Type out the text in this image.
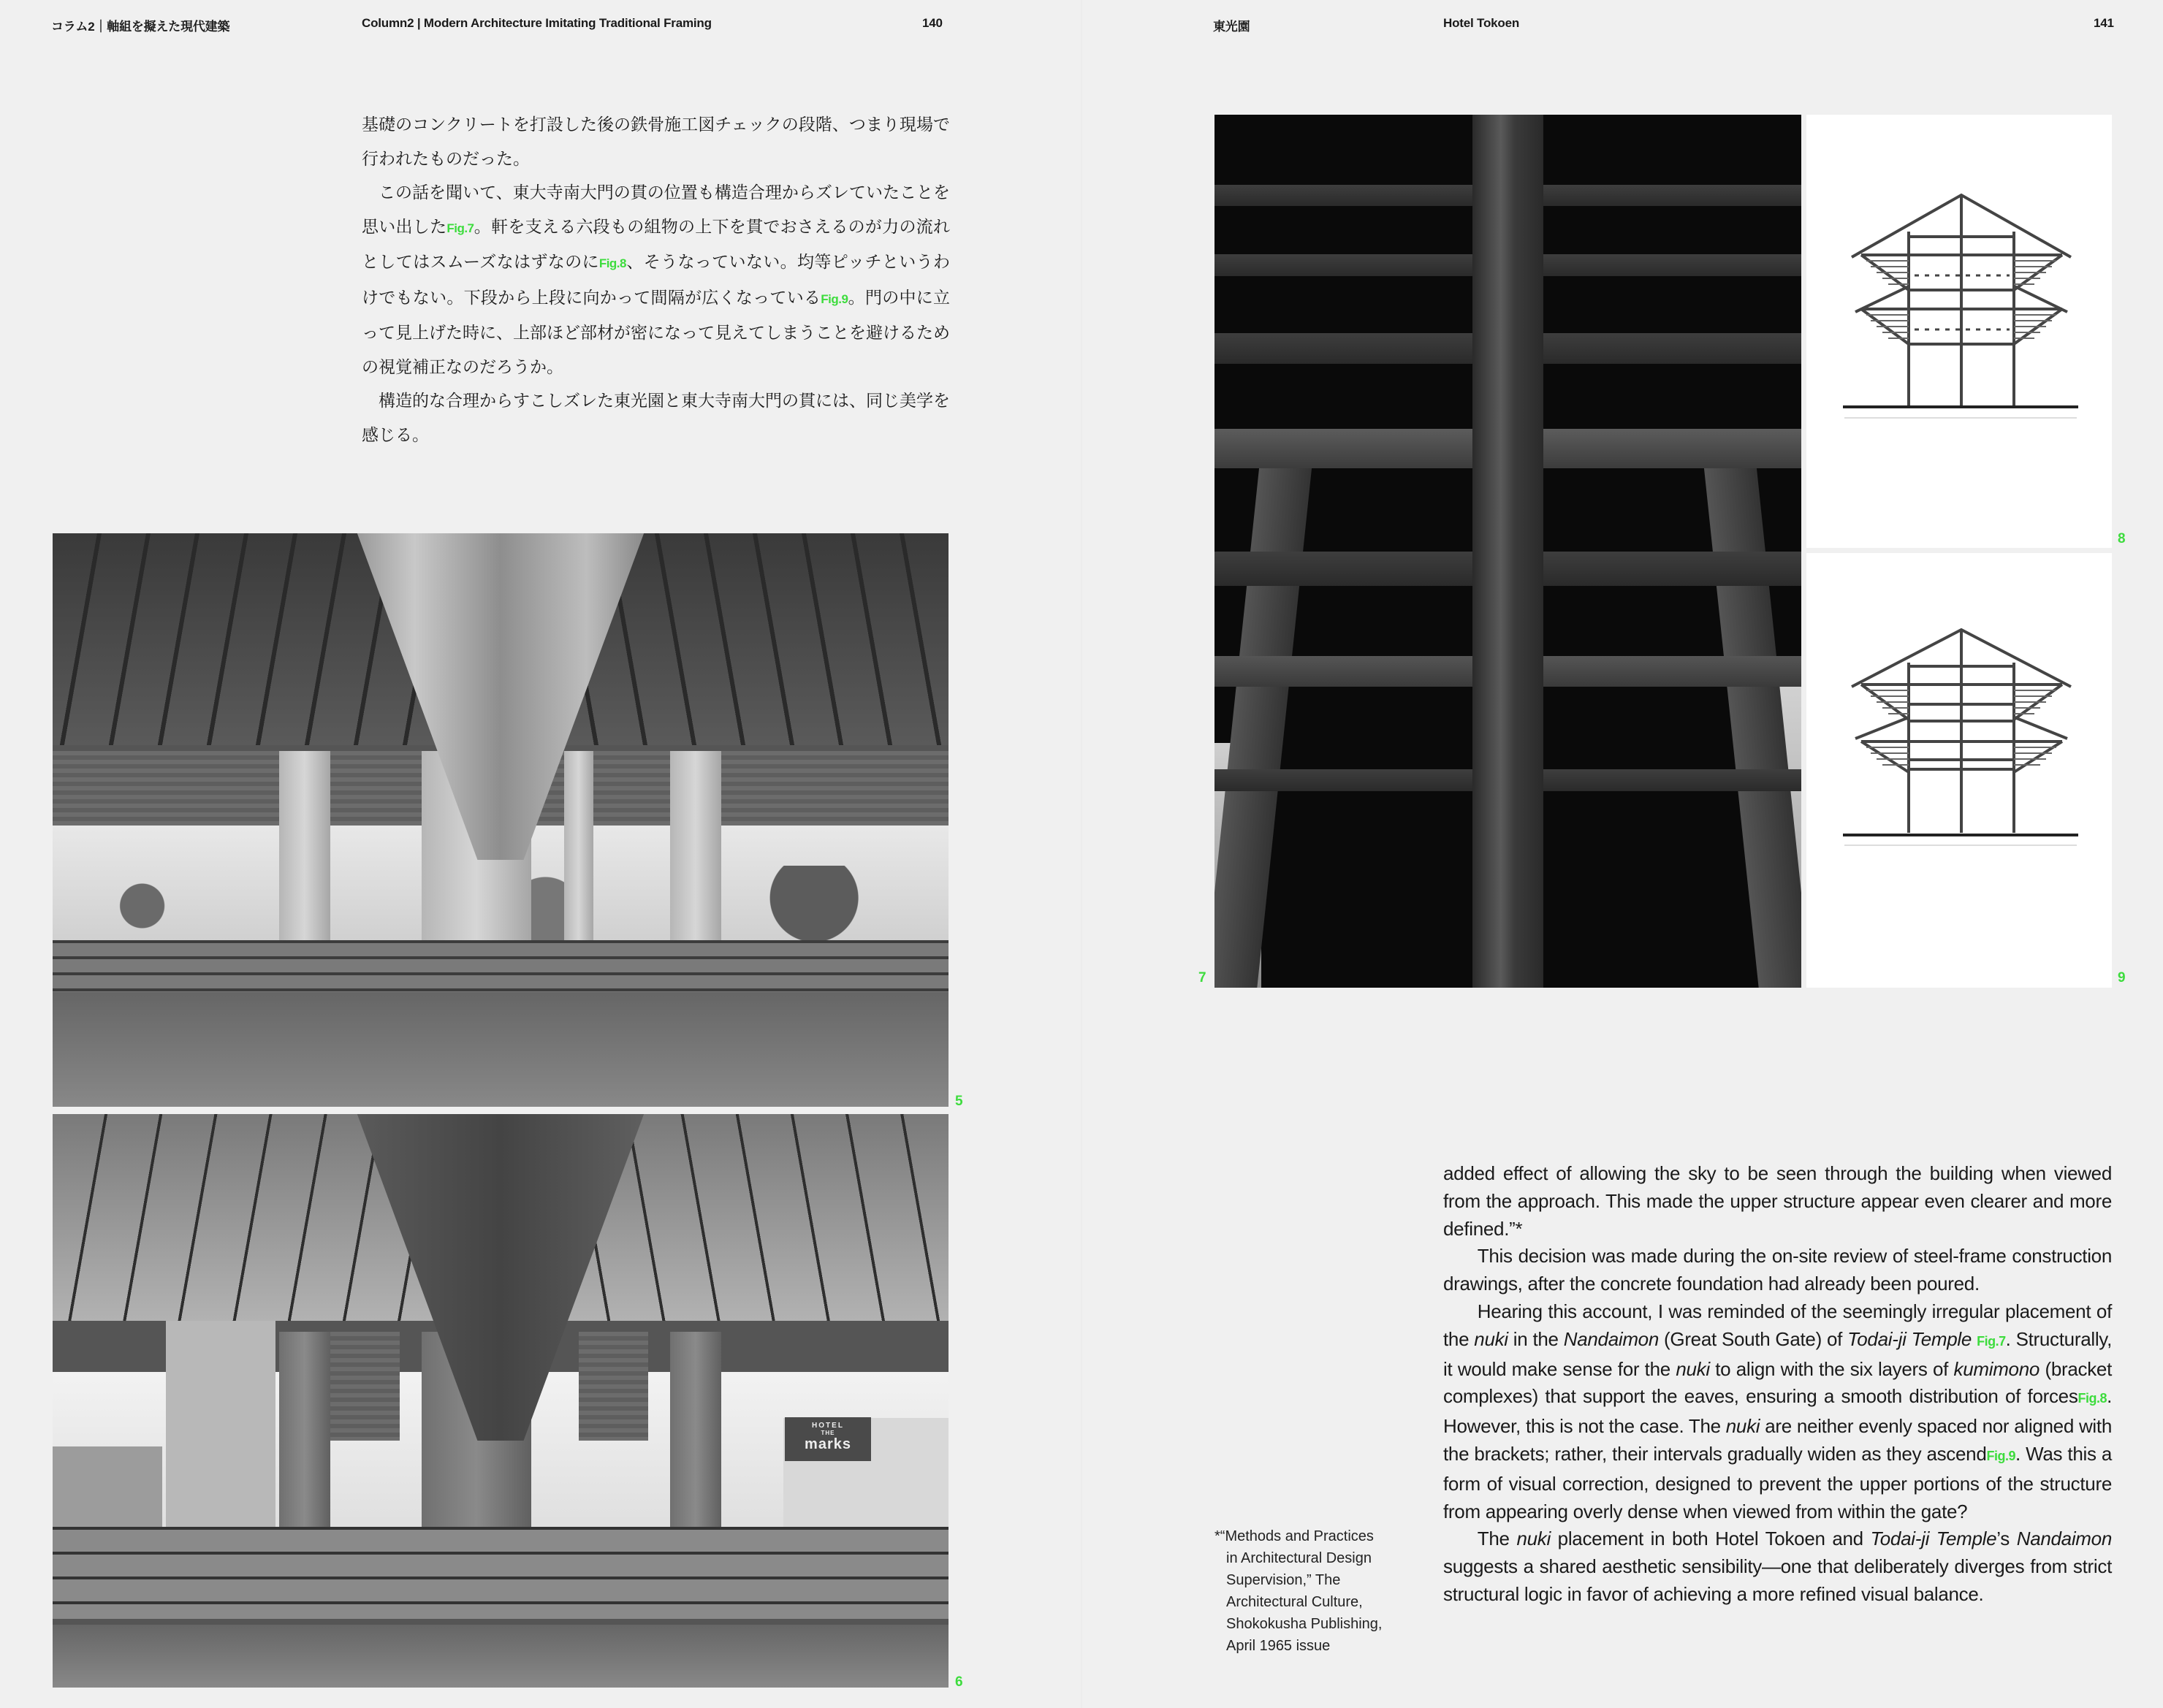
コラム2｜軸組を擬えた現代建築	Column2 | Modern Architecture Imitating Traditional Framing	140

基礎のコンクリートを打設した後の鉄骨施工図チェックの段階、つまり現場で行われたものだった。

この話を聞いて、東大寺南大門の貫の位置も構造合理からズレていたことを思い出したFig.7。軒を支える六段もの組物の上下を貫でおさえるのが力の流れとしてはスムーズなはずなのにFig.8、そうなっていない。均等ピッチというわけでもない。下段から上段に向かって間隔が広くなっているFig.9。門の中に立って見上げた時に、上部ほど部材が密になって見えてしまうことを避けるための視覚補正なのだろうか。

構造的な合理からすこしズレた東光園と東大寺南大門の貫には、同じ美学を感じる。

5
HOTEL
THE
marks
6
東光園	Hotel Tokoen	141
7
8
9

added effect of allowing the sky to be seen through the building when viewed from the approach. This made the upper structure appear even clearer and more defined.”*

This decision was made during the on-site review of steel-frame construction drawings, after the concrete foundation had already been poured.

Hearing this account, I was reminded of the seemingly irregular placement of the nuki in the Nandaimon (Great South Gate) of Todai-ji Temple Fig.7. Structurally, it would make sense for the nuki to align with the six layers of kumimono (bracket complexes) that support the eaves, ensuring a smooth distribution of forcesFig.8. However, this is not the case. The nuki are neither evenly spaced nor aligned with the brackets; rather, their intervals gradually widen as they ascendFig.9. Was this a form of visual correction, designed to prevent the upper portions of the structure from appearing overly dense when viewed from within the gate?

The nuki placement in both Hotel Tokoen and Todai-ji Temple’s Nandaimon suggests a shared aesthetic sensibility—one that deliberately diverges from strict structural logic in favor of achieving a more refined visual balance.

*“Methods and Practices
in Architectural Design
Supervision,” The
Architectural Culture,
Shokokusha Publishing,
April 1965 issue
